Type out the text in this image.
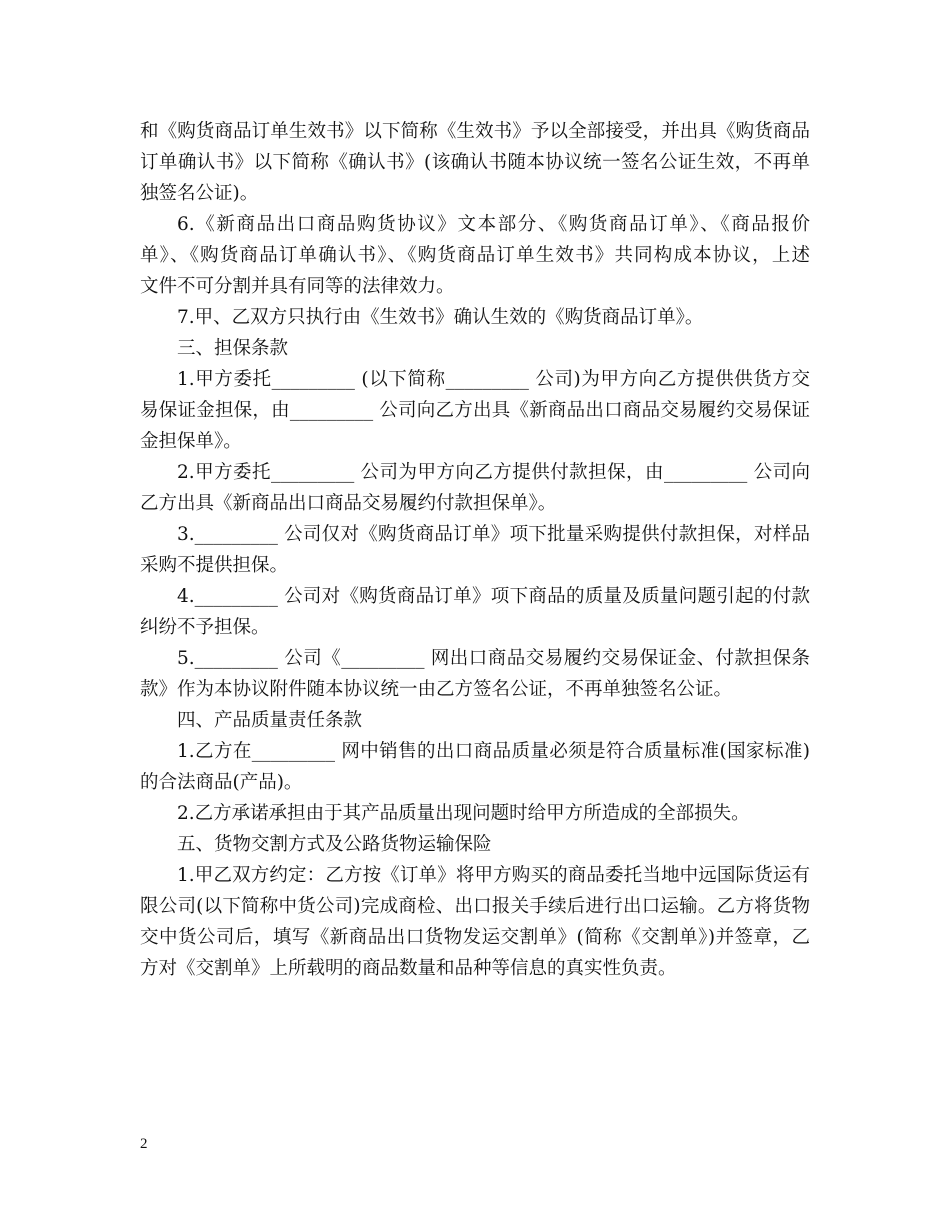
和《购货商品订单生效书》以下简称《生效书》予以全部接受，并出具《购货商品
订单确认书》以下简称《确认书》(该确认书随本协议统一签名公证生效，不再单
独签名公证)。
6.《新商品出口商品购货协议》文本部分、《购货商品订单》、《商品报价
单》、《购货商品订单确认书》、《购货商品订单生效书》共同构成本协议，上述
文件不可分割并具有同等的法律效力。
7.甲、乙双方只执行由《生效书》确认生效的《购货商品订单》。
三、担保条款
1.甲方委托_________ (以下简称_________ 公司)为甲方向乙方提供供货方交
易保证金担保，由_________ 公司向乙方出具《新商品出口商品交易履约交易保证
金担保单》。
2.甲方委托_________ 公司为甲方向乙方提供付款担保，由_________ 公司向
乙方出具《新商品出口商品交易履约付款担保单》。
3._________ 公司仅对《购货商品订单》项下批量采购提供付款担保，对样品
采购不提供担保。
4._________ 公司对《购货商品订单》项下商品的质量及质量问题引起的付款
纠纷不予担保。
5._________ 公司《_________ 网出口商品交易履约交易保证金、付款担保条
款》作为本协议附件随本协议统一由乙方签名公证，不再单独签名公证。
四、产品质量责任条款
1.乙方在_________ 网中销售的出口商品质量必须是符合质量标准(国家标准)
的合法商品(产品)。
2.乙方承诺承担由于其产品质量出现问题时给甲方所造成的全部损失。
五、货物交割方式及公路货物运输保险
1.甲乙双方约定：乙方按《订单》将甲方购买的商品委托当地中远国际货运有
限公司(以下简称中货公司)完成商检、出口报关手续后进行出口运输。乙方将货物
交中货公司后，填写《新商品出口货物发运交割单》(简称《交割单》)并签章，乙
方对《交割单》上所载明的商品数量和品种等信息的真实性负责。
2
